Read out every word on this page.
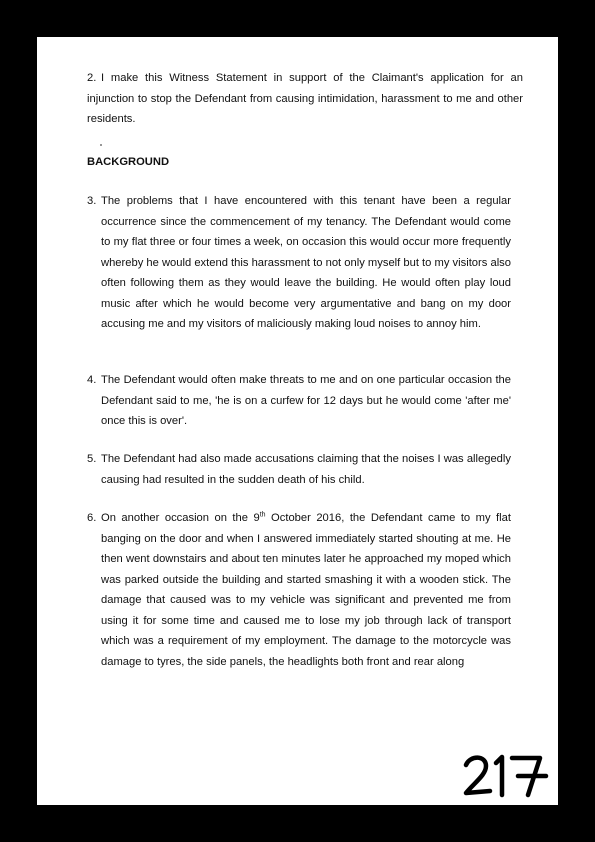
2. I make this Witness Statement in support of the Claimant's application for an injunction to stop the Defendant from causing intimidation, harassment to me and other residents.
BACKGROUND
3. The problems that I have encountered with this tenant have been a regular occurrence since the commencement of my tenancy. The Defendant would come to my flat three or four times a week, on occasion this would occur more frequently whereby he would extend this harassment to not only myself but to my visitors also often following them as they would leave the building. He would often play loud music after which he would become very argumentative and bang on my door accusing me and my visitors of maliciously making loud noises to annoy him.
4. The Defendant would often make threats to me and on one particular occasion the Defendant said to me, 'he is on a curfew for 12 days but he would come 'after me' once this is over'.
5. The Defendant had also made accusations claiming that the noises I was allegedly causing had resulted in the sudden death of his child.
6. On another occasion on the 9th October 2016, the Defendant came to my flat banging on the door and when I answered immediately started shouting at me. He then went downstairs and about ten minutes later he approached my moped which was parked outside the building and started smashing it with a wooden stick. The damage that caused was to my vehicle was significant and prevented me from using it for some time and caused me to lose my job through lack of transport which was a requirement of my employment. The damage to the motorcycle was damage to tyres, the side panels, the headlights both front and rear along
